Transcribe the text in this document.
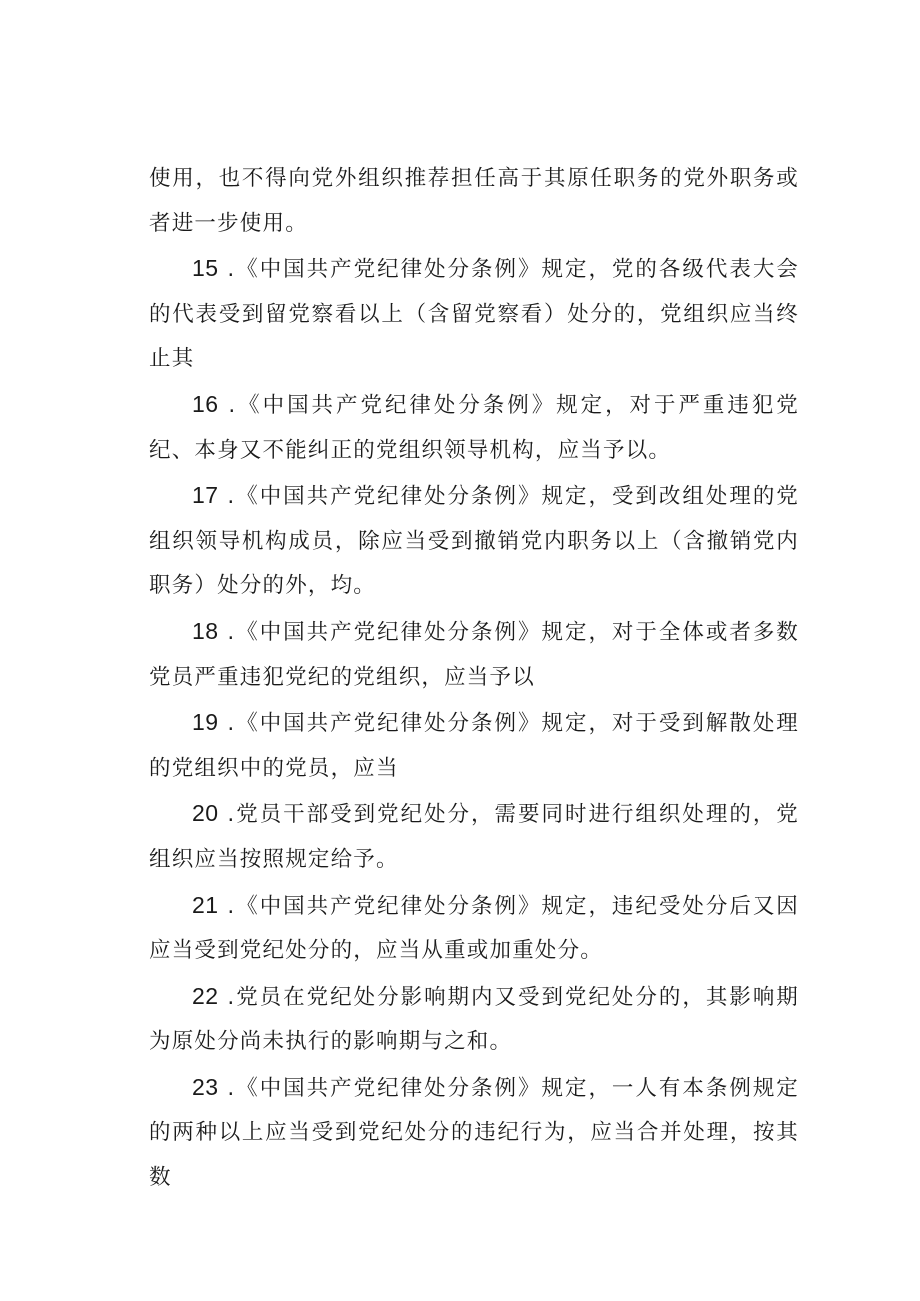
使用，也不得向党外组织推荐担任高于其原任职务的党外职务或者进一步使用。

15 .《中国共产党纪律处分条例》规定，党的各级代表大会的代表受到留党察看以上（含留党察看）处分的，党组织应当终止其

16 .《中国共产党纪律处分条例》规定，对于严重违犯党纪、本身又不能纠正的党组织领导机构，应当予以。

17 .《中国共产党纪律处分条例》规定，受到改组处理的党组织领导机构成员，除应当受到撤销党内职务以上（含撤销党内职务）处分的外，均。

18 .《中国共产党纪律处分条例》规定，对于全体或者多数党员严重违犯党纪的党组织，应当予以

19 .《中国共产党纪律处分条例》规定，对于受到解散处理的党组织中的党员，应当

20 .党员干部受到党纪处分，需要同时进行组织处理的，党组织应当按照规定给予。

21 .《中国共产党纪律处分条例》规定，违纪受处分后又因应当受到党纪处分的，应当从重或加重处分。

22 .党员在党纪处分影响期内又受到党纪处分的，其影响期为原处分尚未执行的影响期与之和。

23 .《中国共产党纪律处分条例》规定，一人有本条例规定的两种以上应当受到党纪处分的违纪行为，应当合并处理，按其数
